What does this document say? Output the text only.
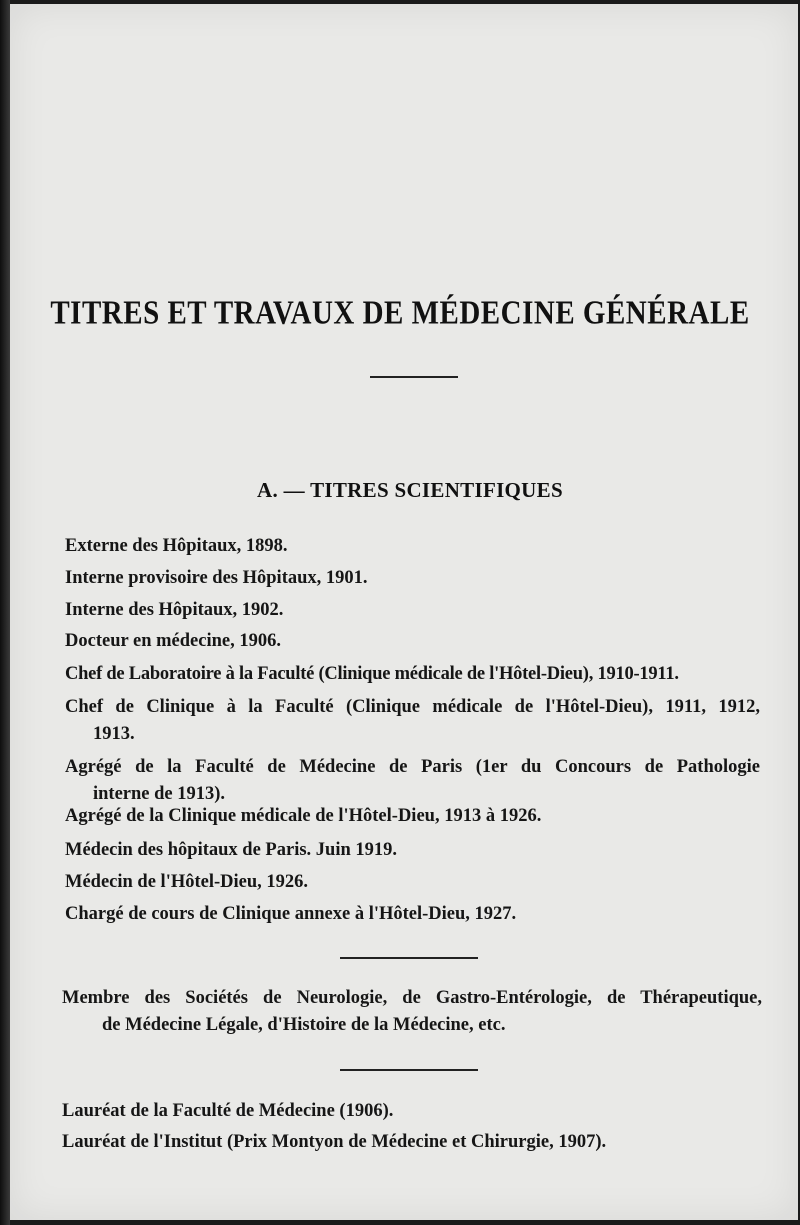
TITRES ET TRAVAUX DE MÉDECINE GÉNÉRALE
A. — TITRES SCIENTIFIQUES
Externe des Hôpitaux, 1898.
Interne provisoire des Hôpitaux, 1901.
Interne des Hôpitaux, 1902.
Docteur en médecine, 1906.
Chef de Laboratoire à la Faculté (Clinique médicale de l'Hôtel-Dieu), 1910-1911.
Chef de Clinique à la Faculté (Clinique médicale de l'Hôtel-Dieu), 1911, 1912,
1913.
Agrégé de la Faculté de Médecine de Paris (1er du Concours de Pathologie
interne de 1913).
Agrégé de la Clinique médicale de l'Hôtel-Dieu, 1913 à 1926.
Médecin des hôpitaux de Paris. Juin 1919.
Médecin de l'Hôtel-Dieu, 1926.
Chargé de cours de Clinique annexe à l'Hôtel-Dieu, 1927.
Membre des Sociétés de Neurologie, de Gastro-Entérologie, de Thérapeutique,
de Médecine Légale, d'Histoire de la Médecine, etc.
Lauréat de la Faculté de Médecine (1906).
Lauréat de l'Institut (Prix Montyon de Médecine et Chirurgie, 1907).
